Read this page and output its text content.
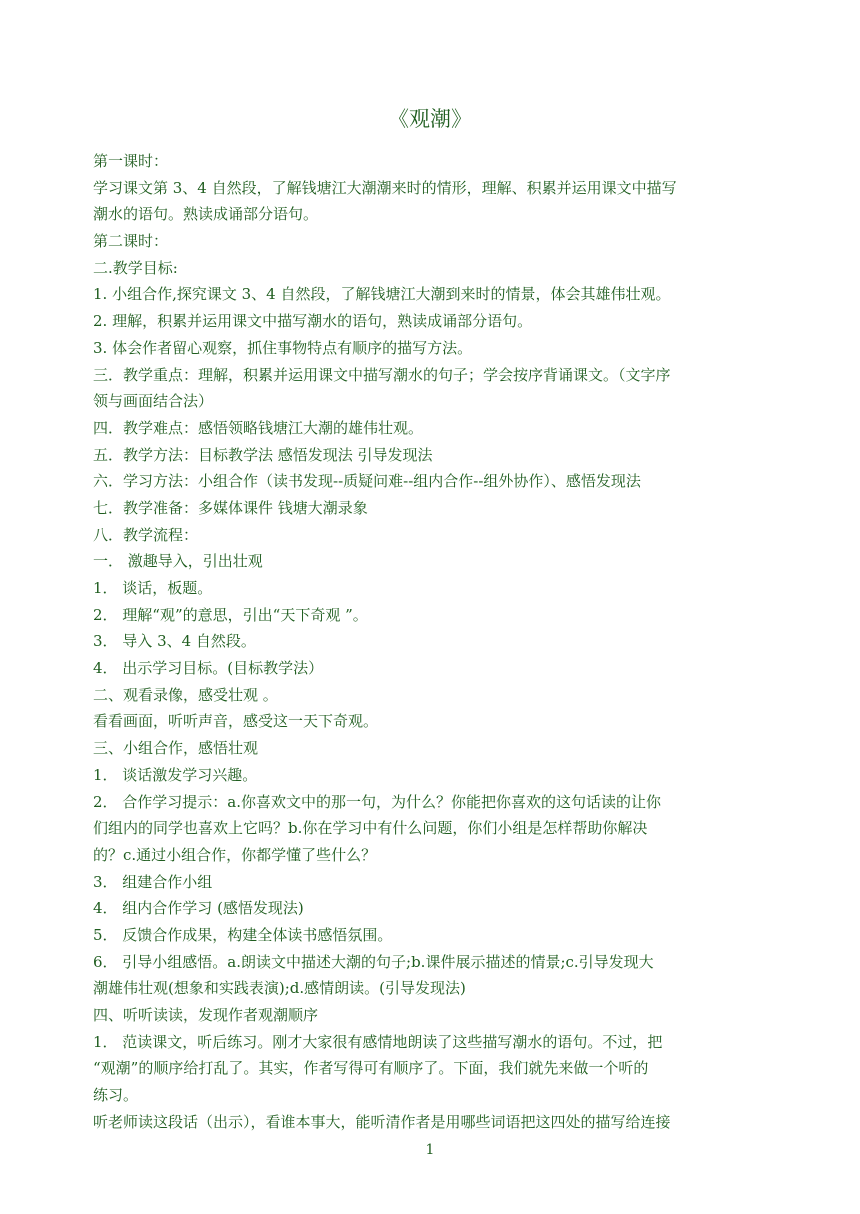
《观潮》
第一课时：
学习课文第 3、4 自然段，了解钱塘江大潮潮来时的情形，理解、积累并运用课文中描写
潮水的语句。熟读成诵部分语句。
第二课时：
二.教学目标:
1. 小组合作,探究课文 3、4 自然段，了解钱塘江大潮到来时的情景，体会其雄伟壮观。
2. 理解，积累并运用课文中描写潮水的语句，熟读成诵部分语句。
3. 体会作者留心观察，抓住事物特点有顺序的描写方法。
三．教学重点：理解，积累并运用课文中描写潮水的句子；学会按序背诵课文。（文字序
领与画面结合法）
四．教学难点：感悟领略钱塘江大潮的雄伟壮观。
五．教学方法：目标教学法 感悟发现法 引导发现法
六．学习方法：小组合作（读书发现--质疑问难--组内合作--组外协作）、感悟发现法
七．教学准备：多媒体课件 钱塘大潮录象
八．教学流程：
一． 激趣导入，引出壮观
1． 谈话，板题。
2． 理解“观”的意思，引出“天下奇观 ”。
3． 导入 3、4 自然段。
4． 出示学习目标。(目标教学法）
二、观看录像，感受壮观 。
看看画面，听听声音，感受这一天下奇观。
三、小组合作，感悟壮观
1． 谈话激发学习兴趣。
2． 合作学习提示：a.你喜欢文中的那一句，为什么？你能把你喜欢的这句话读的让你
们组内的同学也喜欢上它吗？b.你在学习中有什么问题，你们小组是怎样帮助你解决
的？c.通过小组合作，你都学懂了些什么？
3． 组建合作小组
4． 组内合作学习 (感悟发现法)
5． 反馈合作成果，构建全体读书感悟氛围。
6． 引导小组感悟。a.朗读文中描述大潮的句子;b.课件展示描述的情景;c.引导发现大
潮雄伟壮观(想象和实践表演);d.感情朗读。(引导发现法)
四、听听读读，发现作者观潮顺序
1． 范读课文，听后练习。刚才大家很有感情地朗读了这些描写潮水的语句。不过，把
“观潮”的顺序给打乱了。其实，作者写得可有顺序了。下面，我们就先来做一个听的
练习。
听老师读这段话（出示），看谁本事大，能听清作者是用哪些词语把这四处的描写给连接
1
